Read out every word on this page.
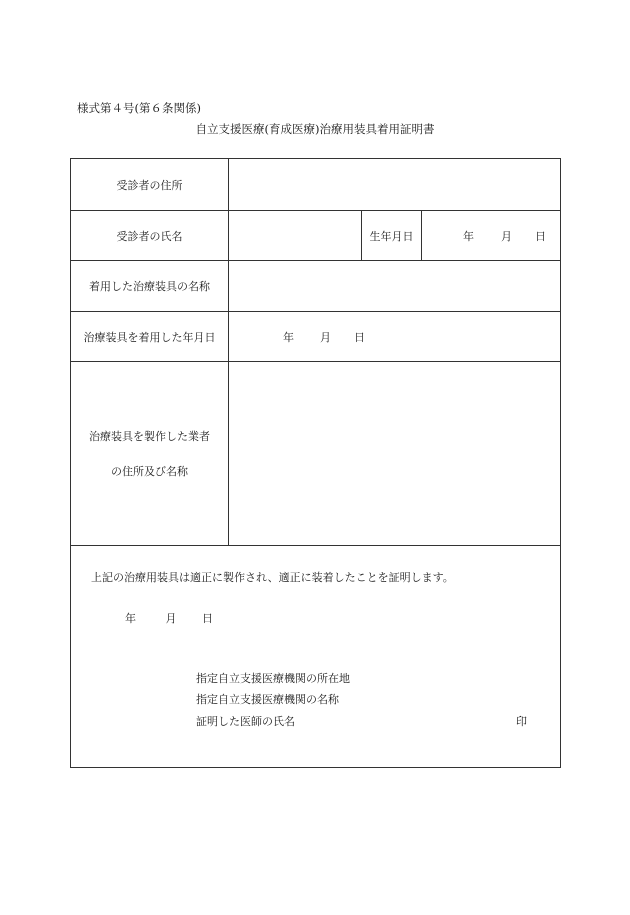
様式第４号(第６条関係)
自立支援医療(育成医療)治療用装具着用証明書
受診者の住所
受診者の氏名	生年月日	年	月	日
着用した治療装具の名称
治療装具を着用した年月日	年	月	日
治療装具を製作した業者
の住所及び名称
上記の治療用装具は適正に製作され、適正に装着したことを証明します。
年	月 日
指定自立支援医療機関の所在地
指定自立支援医療機関の名称
証明した医師の氏名	印
